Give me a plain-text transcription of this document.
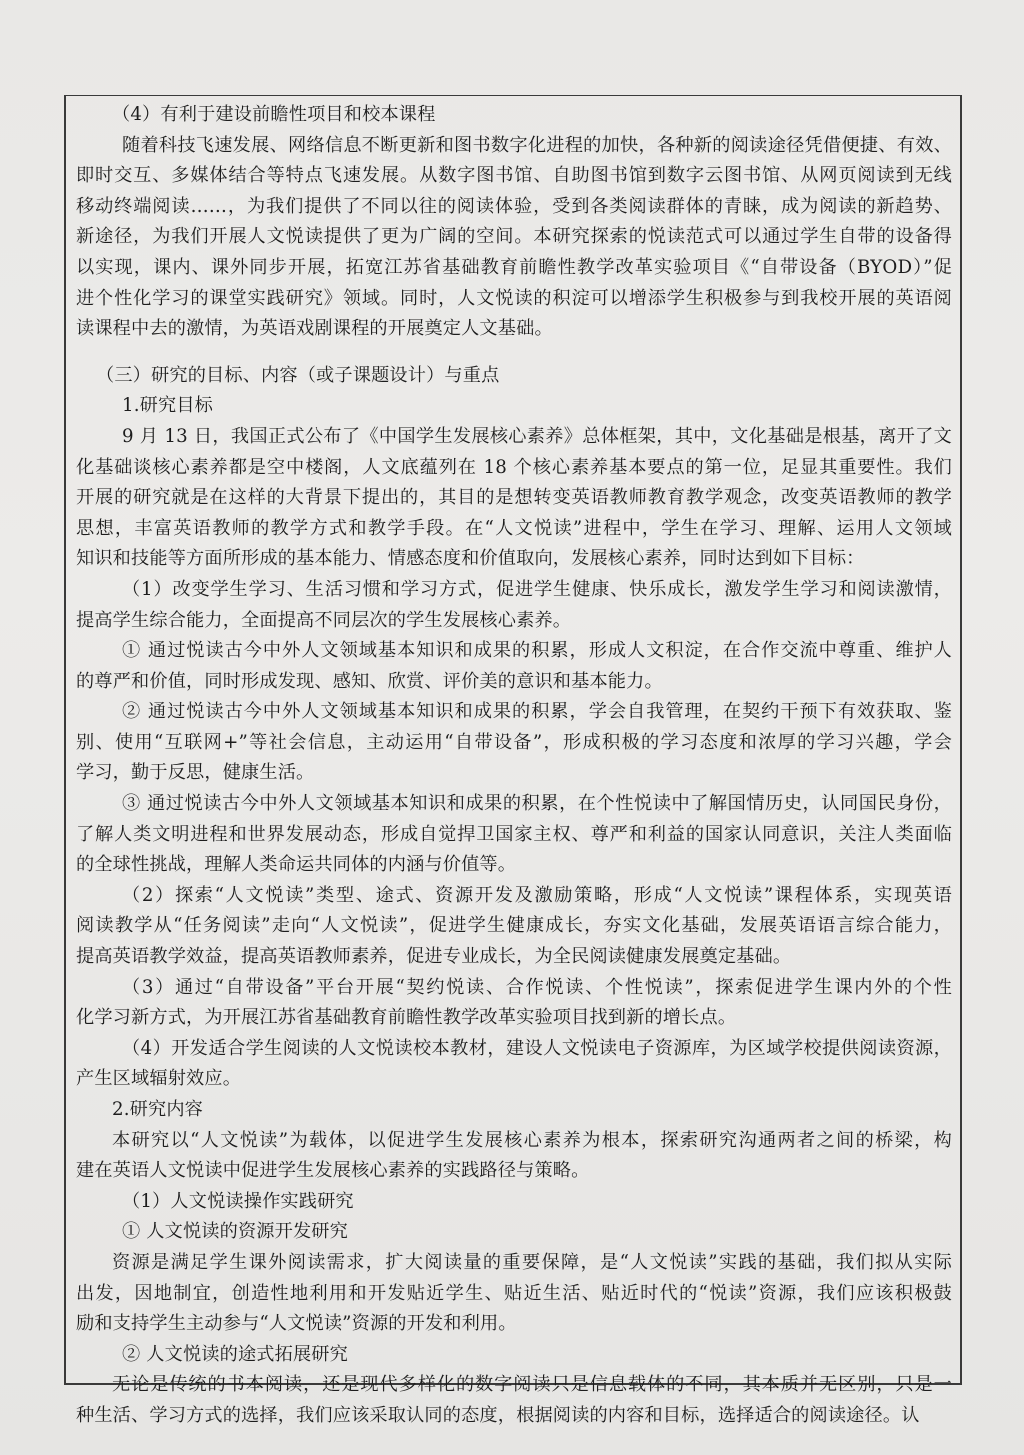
（4）有利于建设前瞻性项目和校本课程
随着科技飞速发展、网络信息不断更新和图书数字化进程的加快，各种新的阅读途径凭借便捷、有效、
即时交互、多媒体结合等特点飞速发展。从数字图书馆、自助图书馆到数字云图书馆、从网页阅读到无线
移动终端阅读……，为我们提供了不同以往的阅读体验，受到各类阅读群体的青睐，成为阅读的新趋势、
新途径，为我们开展人文悦读提供了更为广阔的空间。本研究探索的悦读范式可以通过学生自带的设备得
以实现，课内、课外同步开展，拓宽江苏省基础教育前瞻性教学改革实验项目《“自带设备（BYOD）”促
进个性化学习的课堂实践研究》领域。同时，人文悦读的积淀可以增添学生积极参与到我校开展的英语阅
读课程中去的激情，为英语戏剧课程的开展奠定人文基础。
（三）研究的目标、内容（或子课题设计）与重点
1.研究目标
9 月 13 日，我国正式公布了《中国学生发展核心素养》总体框架，其中，文化基础是根基，离开了文
化基础谈核心素养都是空中楼阁，人文底蕴列在 18 个核心素养基本要点的第一位，足显其重要性。我们
开展的研究就是在这样的大背景下提出的，其目的是想转变英语教师教育教学观念，改变英语教师的教学
思想，丰富英语教师的教学方式和教学手段。在“人文悦读”进程中，学生在学习、理解、运用人文领域
知识和技能等方面所形成的基本能力、情感态度和价值取向，发展核心素养，同时达到如下目标：
（1）改变学生学习、生活习惯和学习方式，促进学生健康、快乐成长，激发学生学习和阅读激情，
提高学生综合能力，全面提高不同层次的学生发展核心素养。
① 通过悦读古今中外人文领域基本知识和成果的积累，形成人文积淀，在合作交流中尊重、维护人
的尊严和价值，同时形成发现、感知、欣赏、评价美的意识和基本能力。
② 通过悦读古今中外人文领域基本知识和成果的积累，学会自我管理，在契约干预下有效获取、鉴
别、使用“互联网+”等社会信息，主动运用“自带设备”，形成积极的学习态度和浓厚的学习兴趣，学会
学习，勤于反思，健康生活。
③ 通过悦读古今中外人文领域基本知识和成果的积累，在个性悦读中了解国情历史，认同国民身份，
了解人类文明进程和世界发展动态，形成自觉捍卫国家主权、尊严和利益的国家认同意识，关注人类面临
的全球性挑战，理解人类命运共同体的内涵与价值等。
（2）探索“人文悦读”类型、途式、资源开发及激励策略，形成“人文悦读”课程体系，实现英语
阅读教学从“任务阅读”走向“人文悦读”，促进学生健康成长，夯实文化基础，发展英语语言综合能力，
提高英语教学效益，提高英语教师素养，促进专业成长，为全民阅读健康发展奠定基础。
（3）通过“自带设备”平台开展“契约悦读、合作悦读、个性悦读”，探索促进学生课内外的个性
化学习新方式，为开展江苏省基础教育前瞻性教学改革实验项目找到新的增长点。
（4）开发适合学生阅读的人文悦读校本教材，建设人文悦读电子资源库，为区域学校提供阅读资源，
产生区域辐射效应。
2.研究内容
本研究以“人文悦读”为载体，以促进学生发展核心素养为根本，探索研究沟通两者之间的桥梁，构
建在英语人文悦读中促进学生发展核心素养的实践路径与策略。
（1）人文悦读操作实践研究
① 人文悦读的资源开发研究
资源是满足学生课外阅读需求，扩大阅读量的重要保障，是“人文悦读”实践的基础，我们拟从实际
出发，因地制宜，创造性地利用和开发贴近学生、贴近生活、贴近时代的“悦读”资源，我们应该积极鼓
励和支持学生主动参与“人文悦读”资源的开发和利用。
② 人文悦读的途式拓展研究
无论是传统的书本阅读，还是现代多样化的数字阅读只是信息载体的不同，其本质并无区别，只是一
种生活、学习方式的选择，我们应该采取认同的态度，根据阅读的内容和目标，选择适合的阅读途径。认
